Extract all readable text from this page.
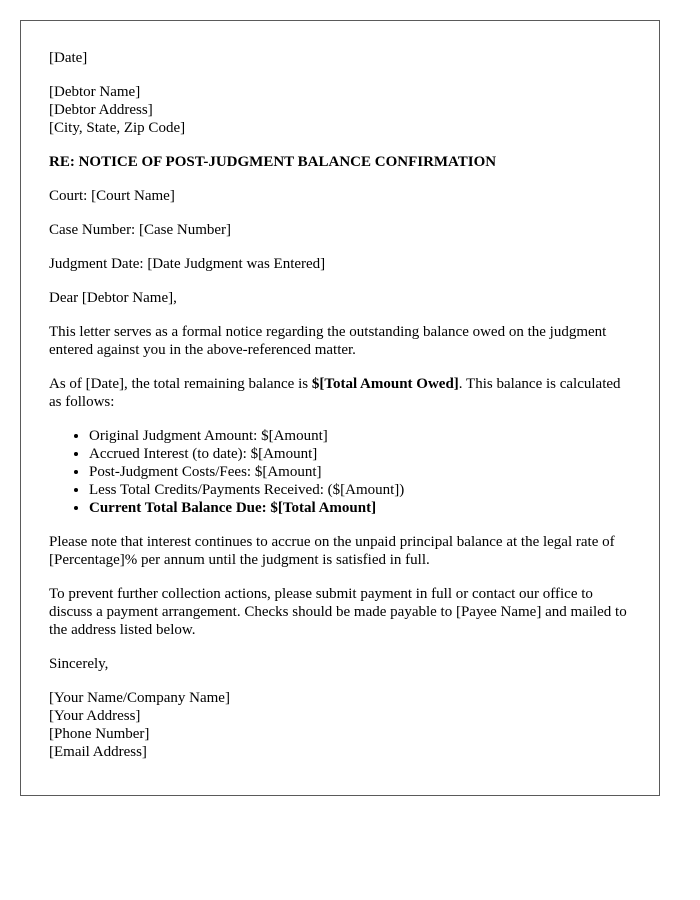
[Date]
[Debtor Name]
[Debtor Address]
[City, State, Zip Code]
RE: NOTICE OF POST-JUDGMENT BALANCE CONFIRMATION

Court: [Court Name]

Case Number: [Case Number]

Judgment Date: [Date Judgment was Entered]

Dear [Debtor Name],

This letter serves as a formal notice regarding the outstanding balance owed on the judgment entered against you in the above-referenced matter.

As of [Date], the total remaining balance is $[Total Amount Owed]. This balance is calculated as follows:

• Original Judgment Amount: $[Amount]
• Accrued Interest (to date): $[Amount]
• Post-Judgment Costs/Fees: $[Amount]
• Less Total Credits/Payments Received: ($[Amount])
• Current Total Balance Due: $[Total Amount]

Please note that interest continues to accrue on the unpaid principal balance at the legal rate of [Percentage]% per annum until the judgment is satisfied in full.

To prevent further collection actions, please submit payment in full or contact our office to discuss a payment arrangement. Checks should be made payable to [Payee Name] and mailed to the address listed below.

Sincerely,

[Your Name/Company Name]
[Your Address]
[Phone Number]
[Email Address]
